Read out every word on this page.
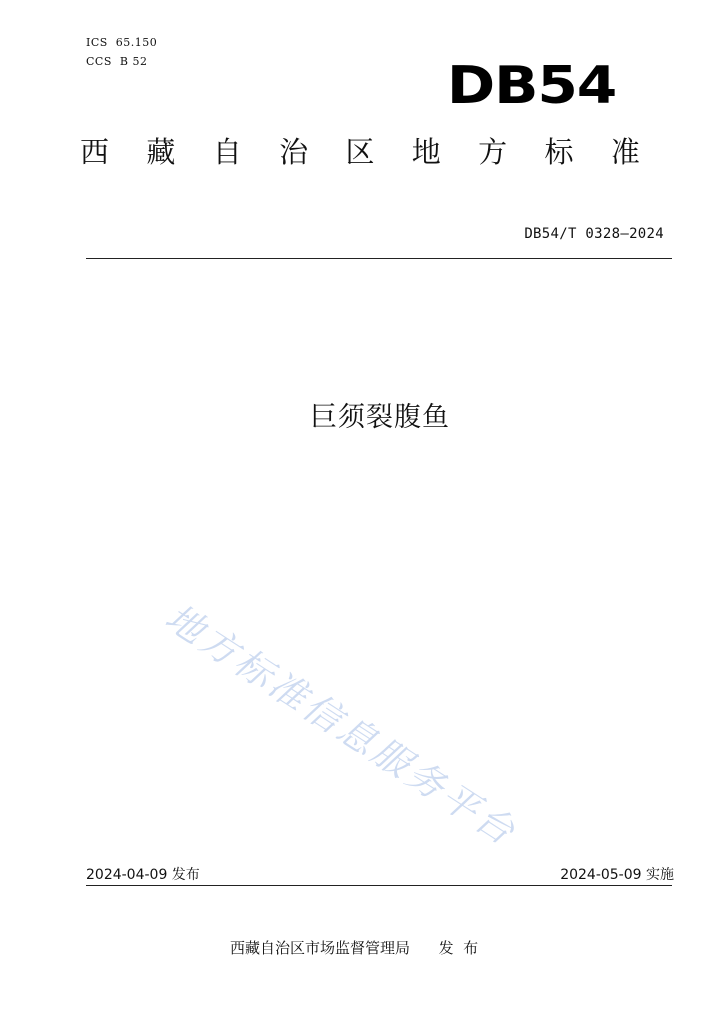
ICS  65.150
CCS  B 52	DB54
西 藏 自 治 区 地 方 标 准
DB54/T 0328—2024
巨须裂腹鱼
地方标准信息服务平台
2024-04-09 发布	2024-05-09 实施
西藏自治区市场监督管理局      发  布
